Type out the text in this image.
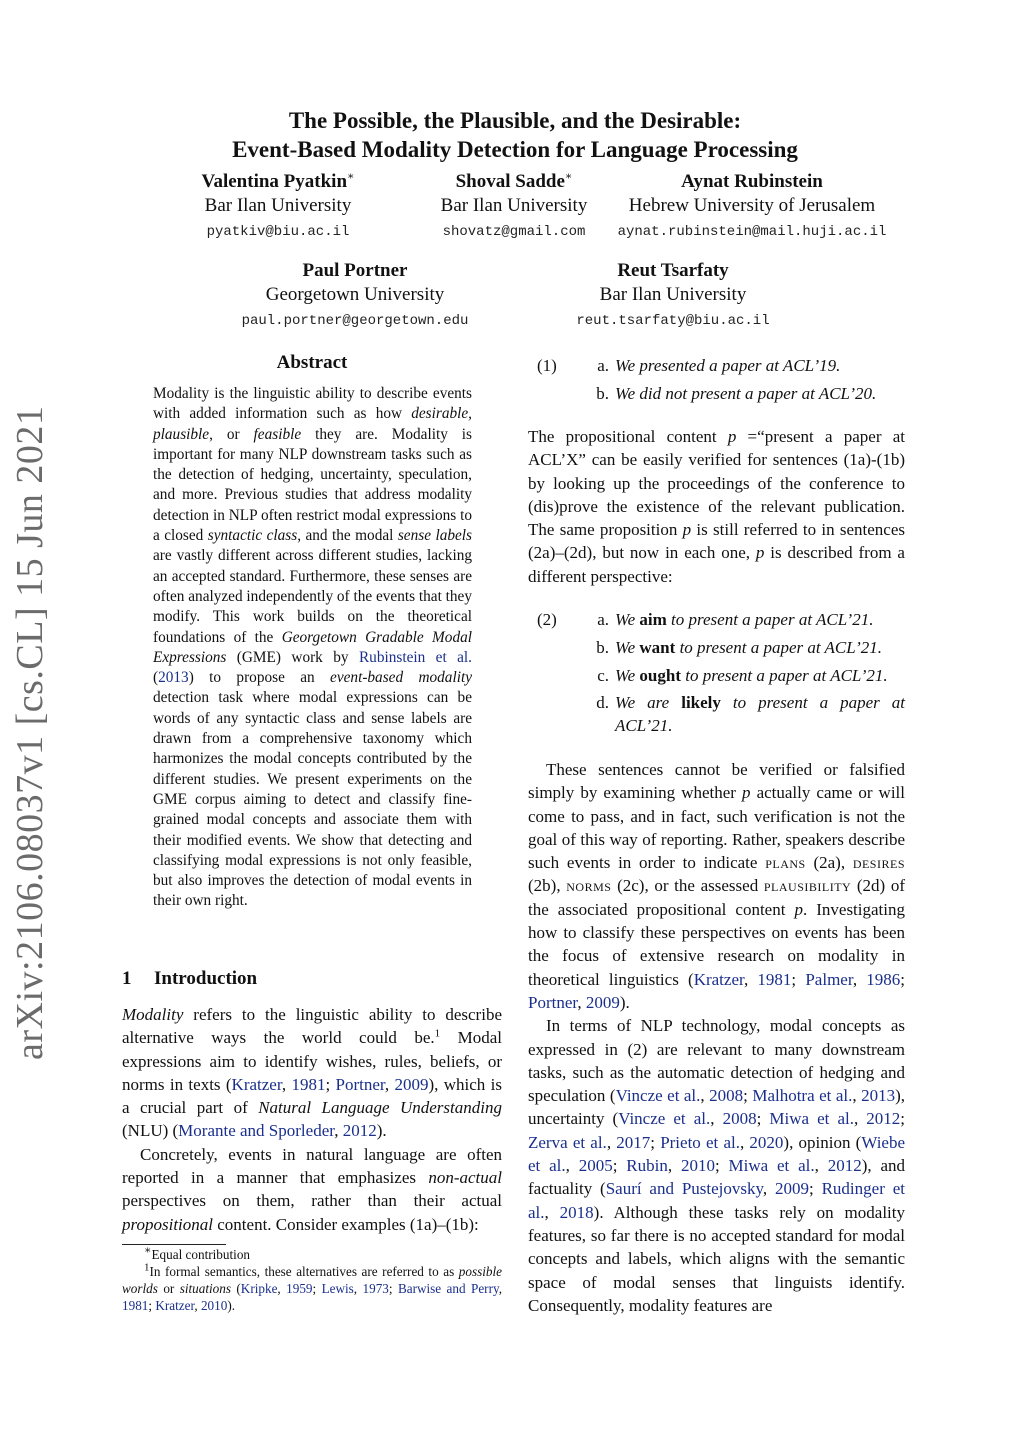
arXiv:2106.08037v1 [cs.CL] 15 Jun 2021
The Possible, the Plausible, and the Desirable:
Event-Based Modality Detection for Language Processing
Valentina Pyatkin∗
Bar Ilan University
pyatkiv@biu.ac.il
Shoval Sadde∗
Bar Ilan University
shovatz@gmail.com
Aynat Rubinstein
Hebrew University of Jerusalem
aynat.rubinstein@mail.huji.ac.il
Paul Portner
Georgetown University
paul.portner@georgetown.edu
Reut Tsarfaty
Bar Ilan University
reut.tsarfaty@biu.ac.il
Abstract
Modality is the linguistic ability to describe events with added information such as how desirable, plausible, or feasible they are. Modality is important for many NLP downstream tasks such as the detection of hedging, uncertainty, speculation, and more. Previous studies that address modality detection in NLP often restrict modal expressions to a closed syntactic class, and the modal sense labels are vastly different across different studies, lacking an accepted standard. Furthermore, these senses are often analyzed independently of the events that they modify. This work builds on the theoretical foundations of the Georgetown Gradable Modal Expressions (GME) work by Rubinstein et al. (2013) to propose an event-based modality detection task where modal expressions can be words of any syntactic class and sense labels are drawn from a comprehensive taxonomy which harmonizes the modal concepts contributed by the different studies. We present experiments on the GME corpus aiming to detect and classify fine-grained modal concepts and associate them with their modified events. We show that detecting and classifying modal expressions is not only feasible, but also improves the detection of modal events in their own right.
1 Introduction

Modality refers to the linguistic ability to describe alternative ways the world could be.$^1$ Modal expressions aim to identify wishes, rules, beliefs, or norms in texts (Kratzer, 1981; Portner, 2009), which is a crucial part of Natural Language Understanding (NLU) (Morante and Sporleder, 2012).

Concretely, events in natural language are often reported in a manner that emphasizes non-actual perspectives on them, rather than their actual propositional content. Consider examples (1a)–(1b):

∗Equal contribution

$^1$In formal semantics, these alternatives are referred to as possible worlds or situations (Kripke, 1959; Lewis, 1973; Barwise and Perry, 1981; Kratzer, 2010).

(1)	a. We presented a paper at ACL’19.
b. We did not present a paper at ACL’20.

The propositional content p =“present a paper at ACL’X” can be easily verified for sentences (1a)-(1b) by looking up the proceedings of the conference to (dis)prove the existence of the relevant publication. The same proposition p is still referred to in sentences (2a)–(2d), but now in each one, p is described from a different perspective:

(2)	a. We aim to present a paper at ACL’21.
b. We want to present a paper at ACL’21.
c. We ought to present a paper at ACL’21.
d. We are likely to present a paper at ACL’21.

These sentences cannot be verified or falsified simply by examining whether p actually came or will come to pass, and in fact, such verification is not the goal of this way of reporting. Rather, speakers describe such events in order to indicate plans (2a), desires (2b), norms (2c), or the assessed plausibility (2d) of the associated propositional content p. Investigating how to classify these perspectives on events has been the focus of extensive research on modality in theoretical linguistics (Kratzer, 1981; Palmer, 1986; Portner, 2009).

In terms of NLP technology, modal concepts as expressed in (2) are relevant to many downstream tasks, such as the automatic detection of hedging and speculation (Vincze et al., 2008; Malhotra et al., 2013), uncertainty (Vincze et al., 2008; Miwa et al., 2012; Zerva et al., 2017; Prieto et al., 2020), opinion (Wiebe et al., 2005; Rubin, 2010; Miwa et al., 2012), and factuality (Saurí and Pustejovsky, 2009; Rudinger et al., 2018). Although these tasks rely on modality features, so far there is no accepted standard for modal concepts and labels, which aligns with the semantic space of modal senses that linguists identify. Consequently, modality features are
